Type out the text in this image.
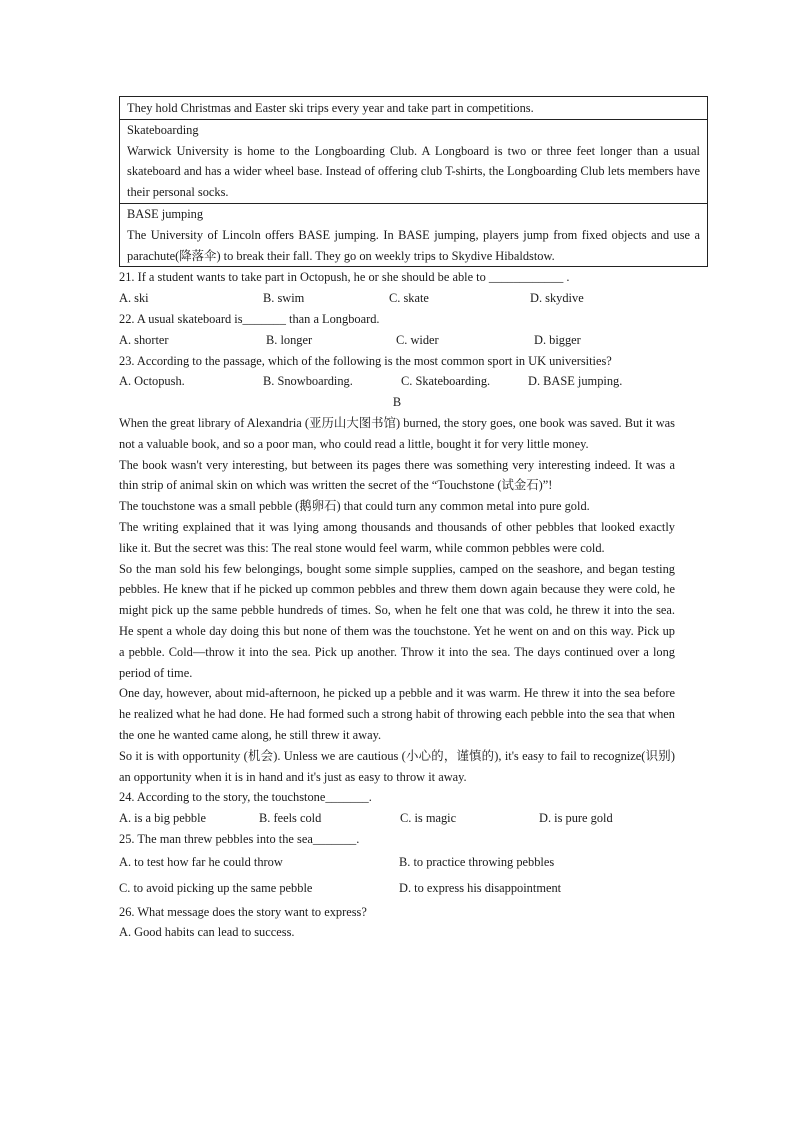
They hold Christmas and Easter ski trips every year and take part in competitions.

Skateboarding

Warwick University is home to the Longboarding Club. A Longboard is two or three feet longer than a usual skateboard and has a wider wheel base. Instead of offering club T-shirts, the Longboarding Club lets members have their personal socks.

BASE jumping

The University of Lincoln offers BASE jumping. In BASE jumping, players jump from fixed objects and use a parachute(降落伞) to break their fall. They go on weekly trips to Skydive Hibaldstow.

21. If a student wants to take part in Octopush, he or she should be able to ____________ .

A. ski	B. swim	C. skate	D. skydive

22. A usual skateboard is_______ than a Longboard.

A. shorter	B. longer	C. wider	D. bigger

23. According to the passage, which of the following is the most common sport in UK universities?

A. Octopush.	B. Snowboarding.	C. Skateboarding.	D. BASE jumping.

B

When the great library of Alexandria (亚历山大图书馆) burned, the story goes, one book was saved. But it was not a valuable book, and so a poor man, who could read a little, bought it for very little money.

The book wasn't very interesting, but between its pages there was something very interesting indeed. It was a thin strip of animal skin on which was written the secret of the “Touchstone (试金石)”!

The touchstone was a small pebble (鹅卵石) that could turn any common metal into pure gold.

The writing explained that it was lying among thousands and thousands of other pebbles that looked exactly like it. But the secret was this: The real stone would feel warm, while common pebbles were cold.

So the man sold his few belongings, bought some simple supplies, camped on the seashore, and began testing pebbles. He knew that if he picked up common pebbles and threw them down again because they were cold, he might pick up the same pebble hundreds of times. So, when he felt one that was cold, he threw it into the sea. He spent a whole day doing this but none of them was the touchstone. Yet he went on and on this way. Pick up a pebble. Cold—throw it into the sea. Pick up another. Throw it into the sea. The days continued over a long period of time.

One day, however, about mid-afternoon, he picked up a pebble and it was warm. He threw it into the sea before he realized what he had done. He had formed such a strong habit of throwing each pebble into the sea that when the one he wanted came along, he still threw it away.

So it is with opportunity (机会). Unless we are cautious (小心的，谨慎的), it's easy to fail to recognize(识别) an opportunity when it is in hand and it's just as easy to throw it away.

24. According to the story, the touchstone_______.

A. is a big pebble	B. feels cold	C. is magic	D. is pure gold

25. The man threw pebbles into the sea_______.

A. to test how far he could throw	B. to practice throwing pebbles
C. to avoid picking up the same pebble	D. to express his disappointment

26. What message does the story want to express?

A. Good habits can lead to success.
